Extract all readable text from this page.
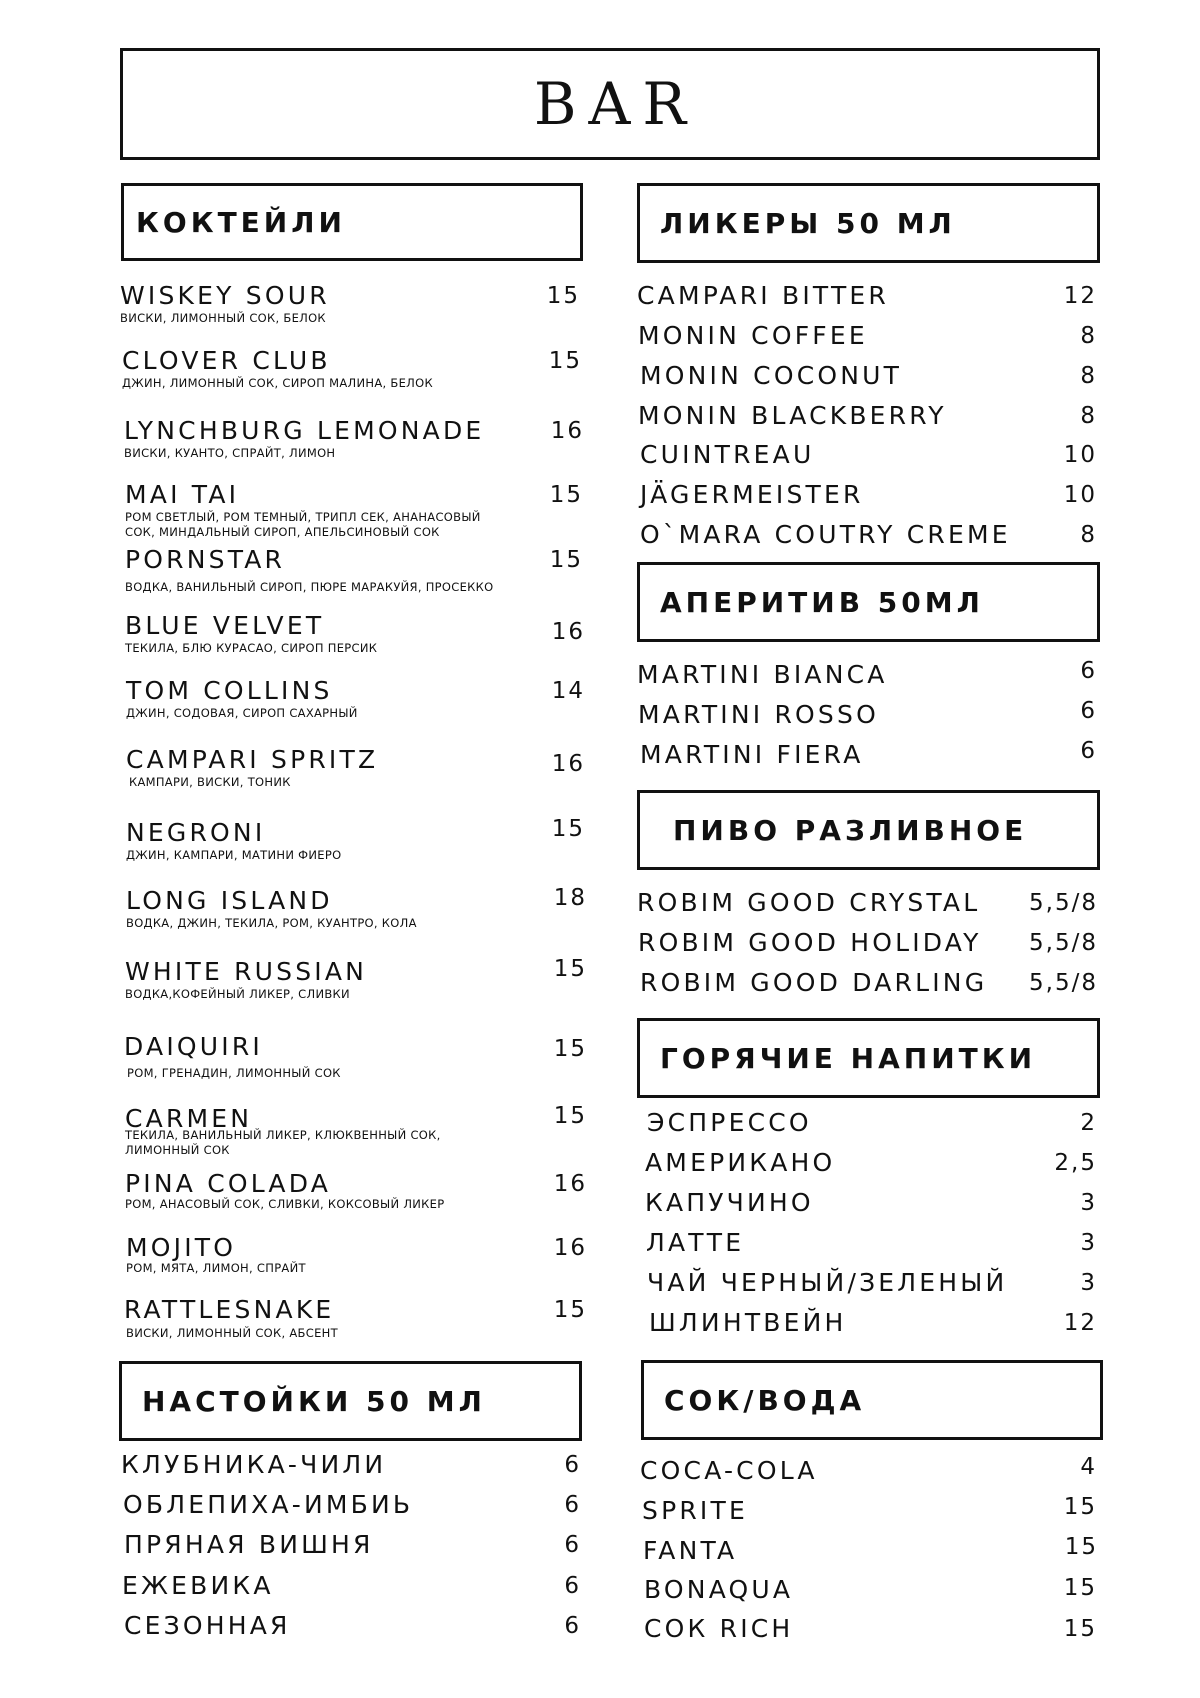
BAR
КОКТЕЙЛИ
WISKEY SOUR	15
ВИСКИ, ЛИМОННЫЙ СОК, БЕЛОК
CLOVER CLUB	15
ДЖИН, ЛИМОННЫЙ СОК, СИРОП МАЛИНА, БЕЛОК
LYNCHBURG LEMONADE	16
ВИСКИ, КУАНТО, СПРАЙТ, ЛИМОН
MAI TAI	15
РОМ СВЕТЛЫЙ, РОМ ТЕМНЫЙ, ТРИПЛ СЕК, АНАНАСОВЫЙ СОК, МИНДАЛЬНЫЙ СИРОП, АПЕЛЬСИНОВЫЙ СОК
PORNSTAR	15
ВОДКА, ВАНИЛЬНЫЙ СИРОП, ПЮРЕ МАРАКУЙЯ, ПРОСЕККО
BLUE VELVET	16
ТЕКИЛА, БЛЮ КУРАСАО, СИРОП ПЕРСИК
TOM COLLINS	14
ДЖИН, СОДОВАЯ, СИРОП САХАРНЫЙ
CAMPARI SPRITZ	16
КАМПАРИ, ВИСКИ, ТОНИК
NEGRONI	15
ДЖИН, КАМПАРИ, МАТИНИ ФИЕРО
LONG ISLAND	18
ВОДКА, ДЖИН, ТЕКИЛА, РОМ, КУАНТРО, КОЛА
WHITE RUSSIAN	15
ВОДКА,КОФЕЙНЫЙ ЛИКЕР, СЛИВКИ
DAIQUIRI	15
РОМ, ГРЕНАДИН, ЛИМОННЫЙ СОК
CARMEN	15
ТЕКИЛА, ВАНИЛЬНЫЙ ЛИКЕР, КЛЮКВЕННЫЙ СОК, ЛИМОННЫЙ СОК
PINA COLADA	16
РОМ, АНАСОВЫЙ СОК, СЛИВКИ, КОКСОВЫЙ ЛИКЕР
MOJITO	16
РОМ, МЯТА, ЛИМОН, СПРАЙТ
RATTLESNAKE	15
ВИСКИ, ЛИМОННЫЙ СОК, АБСЕНТ
НАСТОЙКИ 50 МЛ
КЛУБНИКА-ЧИЛИ	6
ОБЛЕПИХА-ИМБИЬ	6
ПРЯНАЯ ВИШНЯ	6
ЕЖЕВИКА	6
СЕЗОННАЯ	6
ЛИКЕРЫ 50 МЛ
CAMPARI BITTER	12
MONIN COFFEE	8
MONIN COCONUT	8
MONIN BLACKBERRY	8
CUINTREAU	10
JÄGERMEISTER	10
O`MARA COUTRY CREME	8
АПЕРИТИВ 50МЛ
MARTINI BIANCA	6
MARTINI ROSSO	6
MARTINI FIERA	6
ПИВО РАЗЛИВНОЕ
ROBIM GOOD CRYSTAL 5,5/8
ROBIM GOOD HOLIDAY 5,5/8
ROBIM GOOD DARLING 5,5/8
ГОРЯЧИЕ НАПИТКИ
ЭСПРЕССО	2
АМЕРИКАНО	2,5
КАПУЧИНО	3
ЛАТТЕ	3
ЧАЙ ЧЕРНЫЙ/ЗЕЛЕНЫЙ	3
ШЛИНТВЕЙН	12
СОК/ВОДА
COCA-COLA	4
SPRITE	15
FANTA	15
BONAQUA	15
СОК RICH	15
